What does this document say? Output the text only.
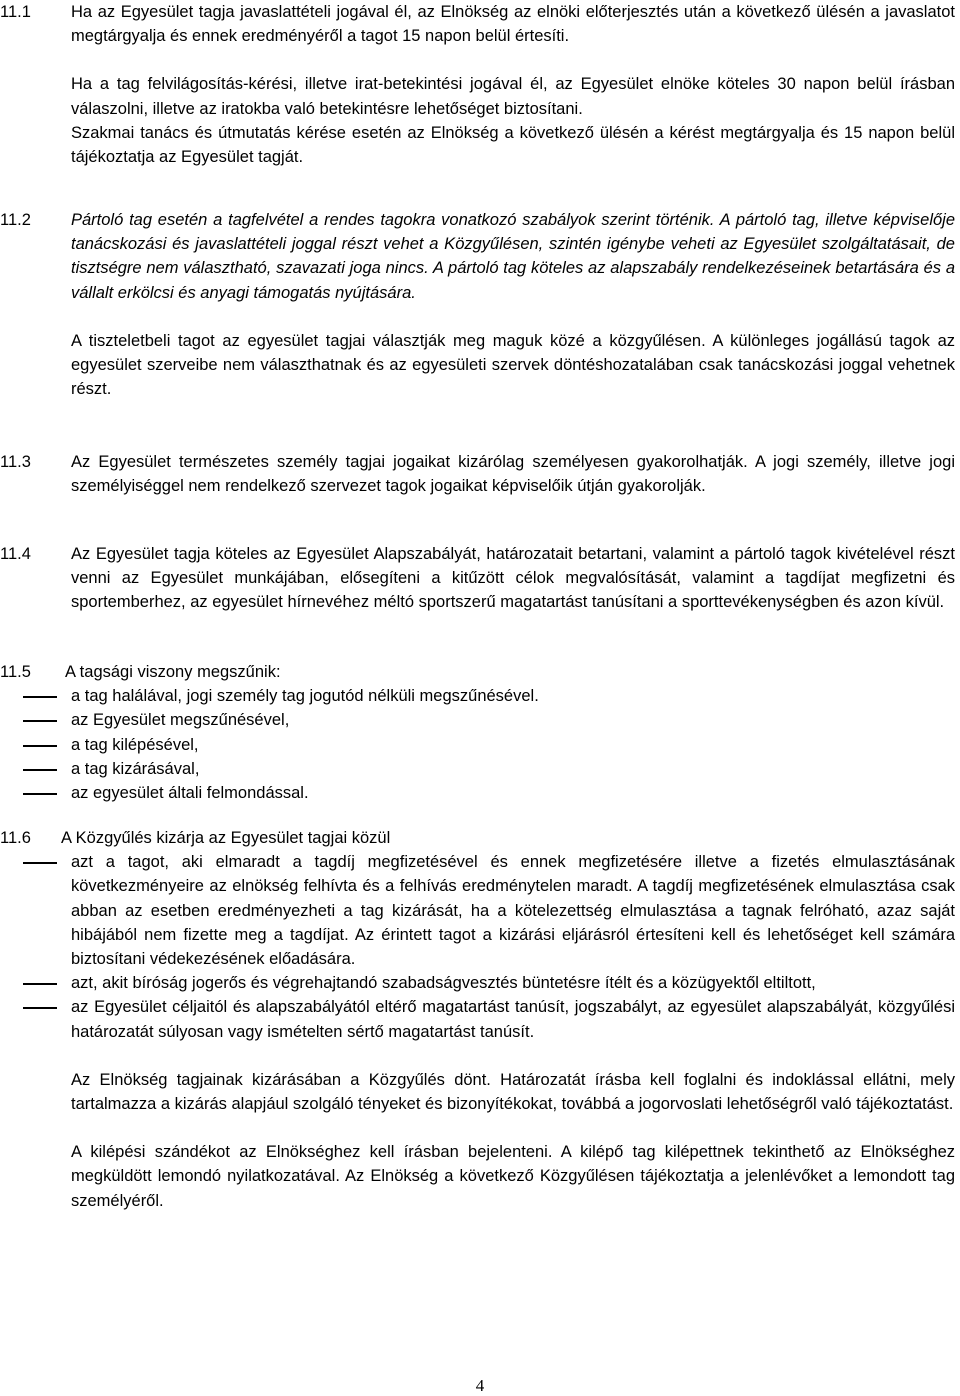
11.1 Ha az Egyesület tagja javaslattételi jogával él, az Elnökség az elnöki előterjesztés után a következő ülésén a javaslatot megtárgyalja és ennek eredményéről a tagot 15 napon belül értesíti.

Ha a tag felvilágosítás-kérési, illetve irat-betekintési jogával él, az Egyesület elnöke köteles 30 napon belül írásban válaszolni, illetve az iratokba való betekintésre lehetőséget biztosítani.

Szakmai tanács és útmutatás kérése esetén az Elnökség a következő ülésén a kérést megtárgyalja és 15 napon belül tájékoztatja az Egyesület tagját.

11.2 Pártoló tag esetén a tagfelvétel a rendes tagokra vonatkozó szabályok szerint történik. A pártoló tag, illetve képviselője tanácskozási és javaslattételi joggal részt vehet a Közgyűlésen, szintén igénybe veheti az Egyesület szolgáltatásait, de tisztségre nem választható, szavazati joga nincs. A pártoló tag köteles az alapszabály rendelkezéseinek betartására és a vállalt erkölcsi és anyagi támogatás nyújtására.

A tiszteletbeli tagot az egyesület tagjai választják meg maguk közé a közgyűlésen. A különleges jogállású tagok az egyesület szerveibe nem választhatnak és az egyesületi szervek döntéshozatalában csak tanácskozási joggal vehetnek részt.

11.3 Az Egyesület természetes személy tagjai jogaikat kizárólag személyesen gyakorolhatják. A jogi személy, illetve jogi személyiséggel nem rendelkező szervezet tagok jogaikat képviselőik útján gyakorolják.

11.4 Az Egyesület tagja köteles az Egyesület Alapszabályát, határozatait betartani, valamint a pártoló tagok kivételével részt venni az Egyesület munkájában, elősegíteni a kitűzött célok megvalósítását, valamint a tagdíjat megfizetni és sportemberhez, az egyesület hírnevéhez méltó sportszerű magatartást tanúsítani a sporttevékenységben és azon kívül.

11.5 A tagsági viszony megszűnik:
a tag halálával, jogi személy tag jogutód nélküli megszűnésével.
az Egyesület megszűnésével,
a tag kilépésével,
a tag kizárásával,
az egyesület általi felmondással.
11.6 A Közgyűlés kizárja az Egyesület tagjai közül
azt a tagot, aki elmaradt a tagdíj megfizetésével és ennek megfizetésére illetve a fizetés elmulasztásának következményeire az elnökség felhívta és a felhívás eredménytelen maradt. A tagdíj megfizetésének elmulasztása csak abban az esetben eredményezheti a tag kizárását, ha a kötelezettség elmulasztása a tagnak felróható, azaz saját hibájából nem fizette meg a tagdíjat. Az érintett tagot a kizárási eljárásról értesíteni kell és lehetőséget kell számára biztosítani védekezésének előadására.
azt, akit bíróság jogerős és végrehajtandó szabadságvesztés büntetésre ítélt és a közügyektől eltiltott,
az Egyesület céljaitól és alapszabályától eltérő magatartást tanúsít, jogszabályt, az egyesület alapszabályát, közgyűlési határozatát súlyosan vagy ismételten sértő magatartást tanúsít.

Az Elnökség tagjainak kizárásában a Közgyűlés dönt. Határozatát írásba kell foglalni és indoklással ellátni, mely tartalmazza a kizárás alapjául szolgáló tényeket és bizonyítékokat, továbbá a jogorvoslati lehetőségről való tájékoztatást.

A kilépési szándékot az Elnökséghez kell írásban bejelenteni. A kilépő tag kilépettnek tekinthető az Elnökséghez megküldött lemondó nyilatkozatával. Az Elnökség a következő Közgyűlésen tájékoztatja a jelenlévőket a lemondott tag személyéről.

4
